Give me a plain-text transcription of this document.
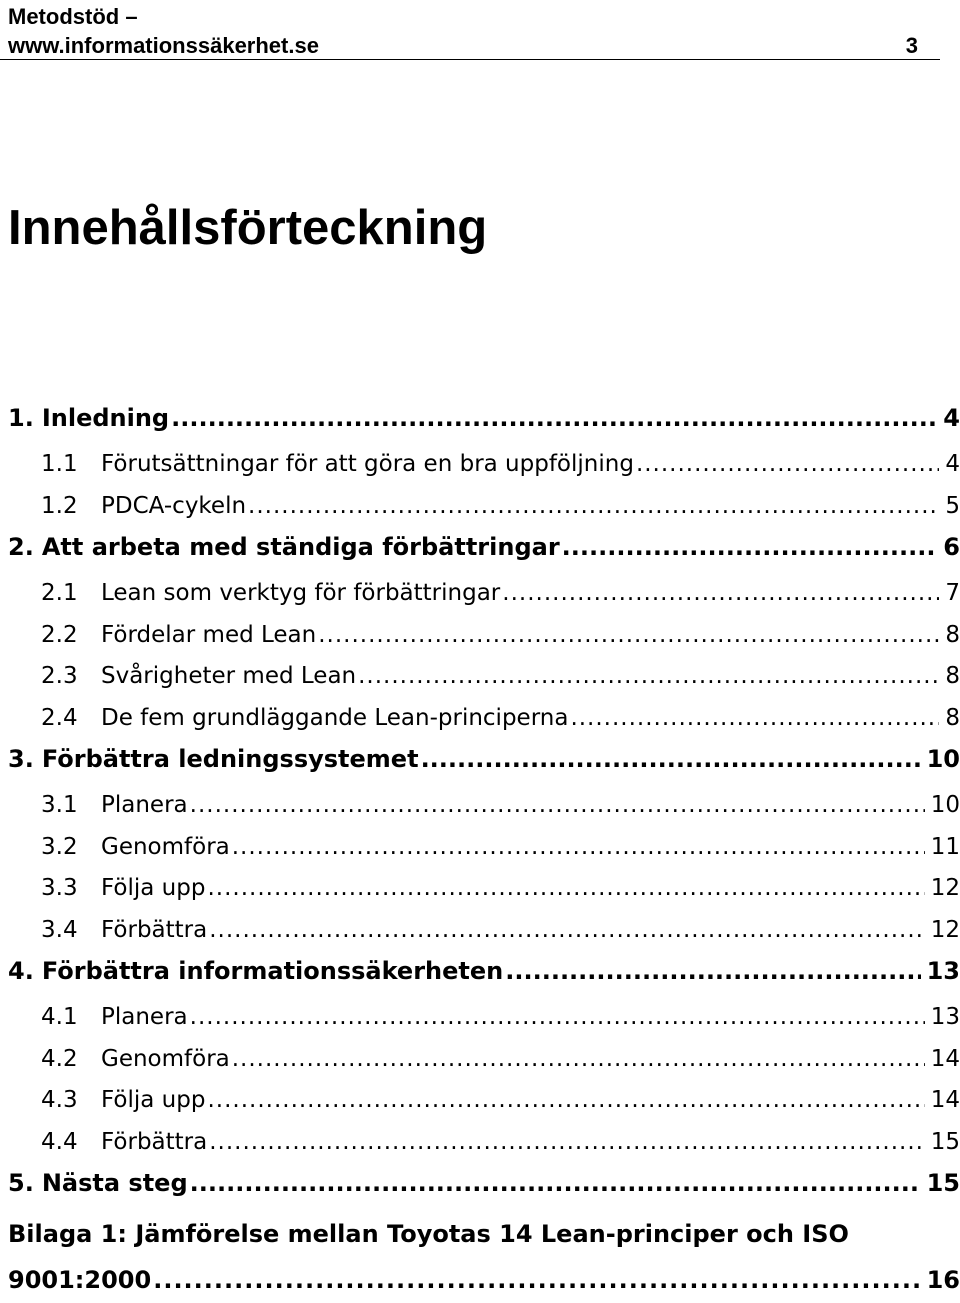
Metodstöd –
www.informationssäkerhet.se	3
Innehållsförteckning
1. Inledning .....	4
1.1	Förutsättningar för att göra en bra uppföljning .....	4
1.2	PDCA-cykeln .....	5
2. Att arbeta med ständiga förbättringar .....	6
2.1	Lean som verktyg för förbättringar .....	7
2.2	Fördelar med Lean .....	8
2.3	Svårigheter med Lean .....	8
2.4	De fem grundläggande Lean-principerna .....	8
3. Förbättra ledningssystemet .....	10
3.1	Planera .....	10
3.2	Genomföra .....	11
3.3	Följa upp .....	12
3.4	Förbättra .....	12
4. Förbättra informationssäkerheten .....	13
4.1	Planera .....	13
4.2	Genomföra .....	14
4.3	Följa upp .....	14
4.4	Förbättra .....	15
5. Nästa steg .....	15
Bilaga 1: Jämförelse mellan Toyotas 14 Lean-principer och ISO
9001:2000 .....	16
